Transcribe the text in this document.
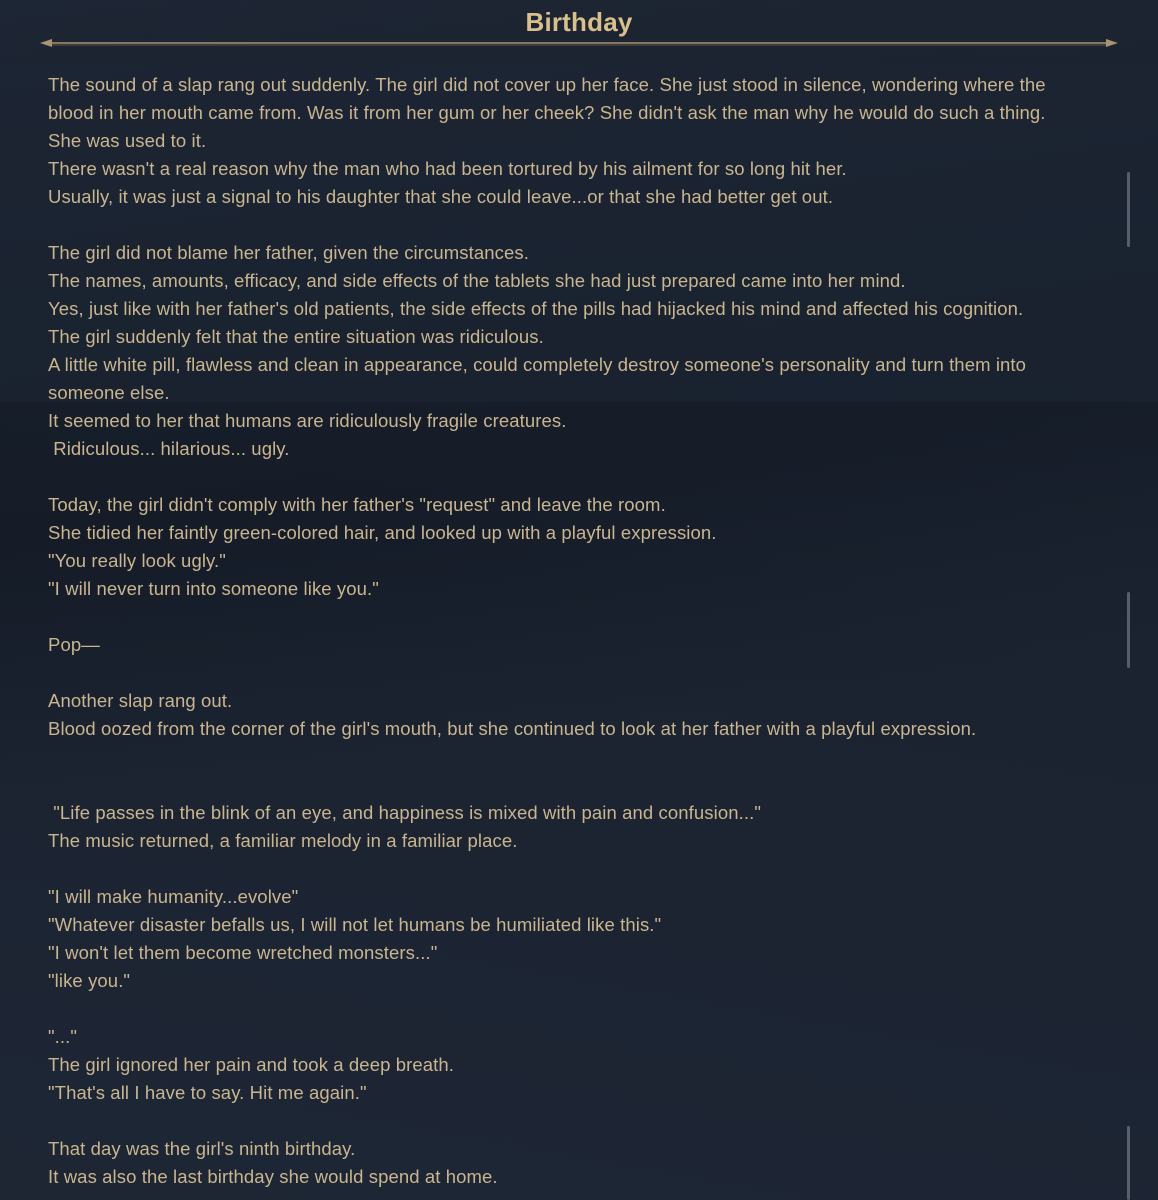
Birthday
The sound of a slap rang out suddenly. The girl did not cover up her face. She just stood in silence, wondering where the
blood in her mouth came from. Was it from her gum or her cheek? She didn't ask the man why he would do such a thing.
She was used to it.
There wasn't a real reason why the man who had been tortured by his ailment for so long hit her.
Usually, it was just a signal to his daughter that she could leave...or that she had better get out.
The girl did not blame her father, given the circumstances.
The names, amounts, efficacy, and side effects of the tablets she had just prepared came into her mind.
Yes, just like with her father's old patients, the side effects of the pills had hijacked his mind and affected his cognition.
The girl suddenly felt that the entire situation was ridiculous.
A little white pill, flawless and clean in appearance, could completely destroy someone's personality and turn them into
someone else.
It seemed to her that humans are ridiculously fragile creatures.
Ridiculous... hilarious... ugly.
Today, the girl didn't comply with her father's "request" and leave the room.
She tidied her faintly green-colored hair, and looked up with a playful expression.
"You really look ugly."
"I will never turn into someone like you."
Pop—
Another slap rang out.
Blood oozed from the corner of the girl's mouth, but she continued to look at her father with a playful expression.
"Life passes in the blink of an eye, and happiness is mixed with pain and confusion..."
The music returned, a familiar melody in a familiar place.
"I will make humanity...evolve"
"Whatever disaster befalls us, I will not let humans be humiliated like this."
"I won't let them become wretched monsters..."
"like you."
"..."
The girl ignored her pain and took a deep breath.
"That's all I have to say. Hit me again."
That day was the girl's ninth birthday.
It was also the last birthday she would spend at home.
